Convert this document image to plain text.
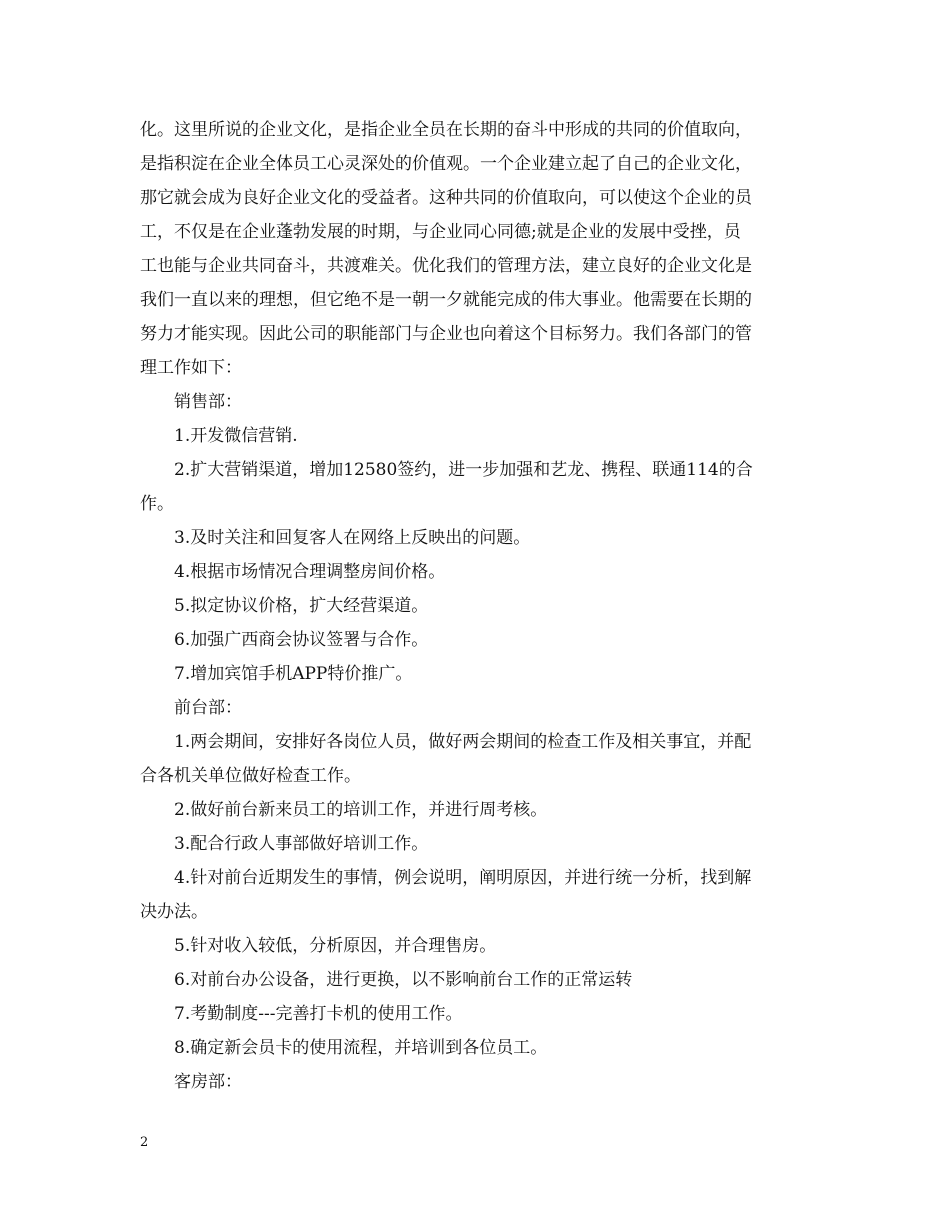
化。这里所说的企业文化，是指企业全员在长期的奋斗中形成的共同的价值取向，
是指积淀在企业全体员工心灵深处的价值观。一个企业建立起了自己的企业文化，
那它就会成为良好企业文化的受益者。这种共同的价值取向，可以使这个企业的员
工，不仅是在企业蓬勃发展的时期，与企业同心同德;就是企业的发展中受挫，员
工也能与企业共同奋斗，共渡难关。优化我们的管理方法，建立良好的企业文化是
我们一直以来的理想，但它绝不是一朝一夕就能完成的伟大事业。他需要在长期的
努力才能实现。因此公司的职能部门与企业也向着这个目标努力。我们各部门的管
理工作如下：
销售部：
1.开发微信营销.
2.扩大营销渠道，增加12580签约，进一步加强和艺龙、携程、联通114的合
作。
3.及时关注和回复客人在网络上反映出的问题。
4.根据市场情况合理调整房间价格。
5.拟定协议价格，扩大经营渠道。
6.加强广西商会协议签署与合作。
7.增加宾馆手机APP特价推广。
前台部：
1.两会期间，安排好各岗位人员，做好两会期间的检查工作及相关事宜，并配
合各机关单位做好检查工作。
2.做好前台新来员工的培训工作，并进行周考核。
3.配合行政人事部做好培训工作。
4.针对前台近期发生的事情，例会说明，阐明原因，并进行统一分析，找到解
决办法。
5.针对收入较低，分析原因，并合理售房。
6.对前台办公设备，进行更换，以不影响前台工作的正常运转
7.考勤制度---完善打卡机的使用工作。
8.确定新会员卡的使用流程，并培训到各位员工。
客房部：
2
